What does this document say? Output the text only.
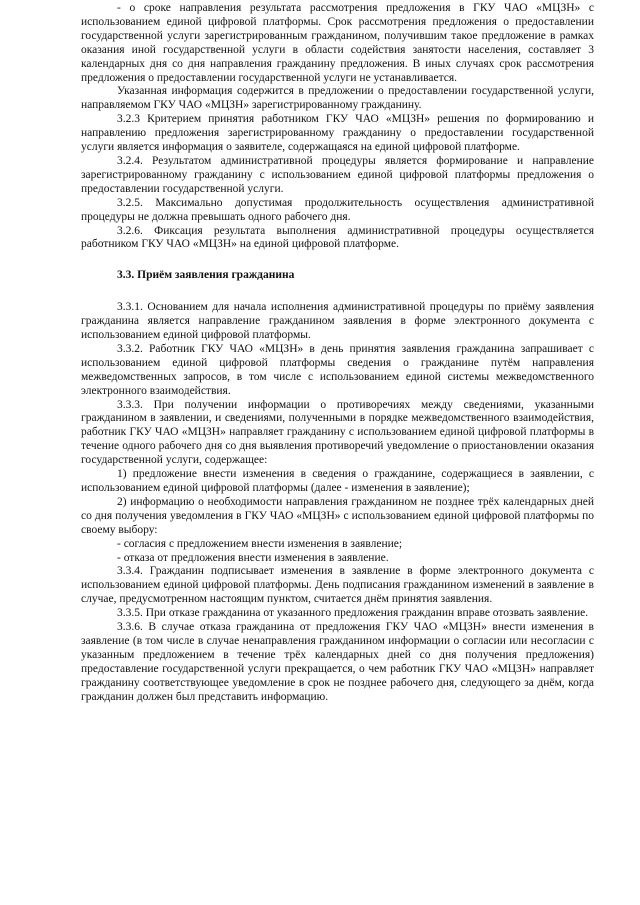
- о сроке направления результата рассмотрения предложения в ГКУ ЧАО «МЦЗН» с использованием единой цифровой платформы. Срок рассмотрения предложения о предоставлении государственной услуги зарегистрированным гражданином, получившим такое предложение в рамках оказания иной государственной услуги в области содействия занятости населения, составляет 3 календарных дня со дня направления гражданину предложения. В иных случаях срок рассмотрения предложения о предоставлении государственной услуги не устанавливается.

Указанная информация содержится в предложении о предоставлении государственной услуги, направляемом ГКУ ЧАО «МЦЗН» зарегистрированному гражданину.

3.2.3 Критерием принятия работником ГКУ ЧАО «МЦЗН» решения по формированию и направлению предложения зарегистрированному гражданину о предоставлении государственной услуги является информация о заявителе, содержащаяся на единой цифровой платформе.

3.2.4. Результатом административной процедуры является формирование и направление зарегистрированному гражданину с использованием единой цифровой платформы предложения о предоставлении государственной услуги.

3.2.5. Максимально допустимая продолжительность осуществления административной процедуры не должна превышать одного рабочего дня.

3.2.6. Фиксация результата выполнения административной процедуры осуществляется работником ГКУ ЧАО «МЦЗН» на единой цифровой платформе.

3.3. Приём заявления гражданина

3.3.1. Основанием для начала исполнения административной процедуры по приёму заявления гражданина является направление гражданином заявления в форме электронного документа с использованием единой цифровой платформы.

3.3.2. Работник ГКУ ЧАО «МЦЗН» в день принятия заявления гражданина запрашивает с использованием единой цифровой платформы сведения о гражданине путём направления межведомственных запросов, в том числе с использованием единой системы межведомственного электронного взаимодействия.

3.3.3. При получении информации о противоречиях между сведениями, указанными гражданином в заявлении, и сведениями, полученными в порядке межведомственного взаимодействия, работник ГКУ ЧАО «МЦЗН» направляет гражданину с использованием единой цифровой платформы в течение одного рабочего дня со дня выявления противоречий уведомление о приостановлении оказания государственной услуги, содержащее:

1) предложение внести изменения в сведения о гражданине, содержащиеся в заявлении, с использованием единой цифровой платформы (далее - изменения в заявление);

2) информацию о необходимости направления гражданином не позднее трёх календарных дней со дня получения уведомления в ГКУ ЧАО «МЦЗН» с использованием единой цифровой платформы по своему выбору:

- согласия с предложением внести изменения в заявление;

- отказа от предложения внести изменения в заявление.

3.3.4. Гражданин подписывает изменения в заявление в форме электронного документа с использованием единой цифровой платформы. День подписания гражданином изменений в заявление в случае, предусмотренном настоящим пунктом, считается днём принятия заявления.

3.3.5. При отказе гражданина от указанного предложения гражданин вправе отозвать заявление.

3.3.6. В случае отказа гражданина от предложения ГКУ ЧАО «МЦЗН» внести изменения в заявление (в том числе в случае ненаправления гражданином информации о согласии или несогласии с указанным предложением в течение трёх календарных дней со дня получения предложения) предоставление государственной услуги прекращается, о чем работник ГКУ ЧАО «МЦЗН» направляет гражданину соответствующее уведомление в срок не позднее рабочего дня, следующего за днём, когда гражданин должен был представить информацию.
